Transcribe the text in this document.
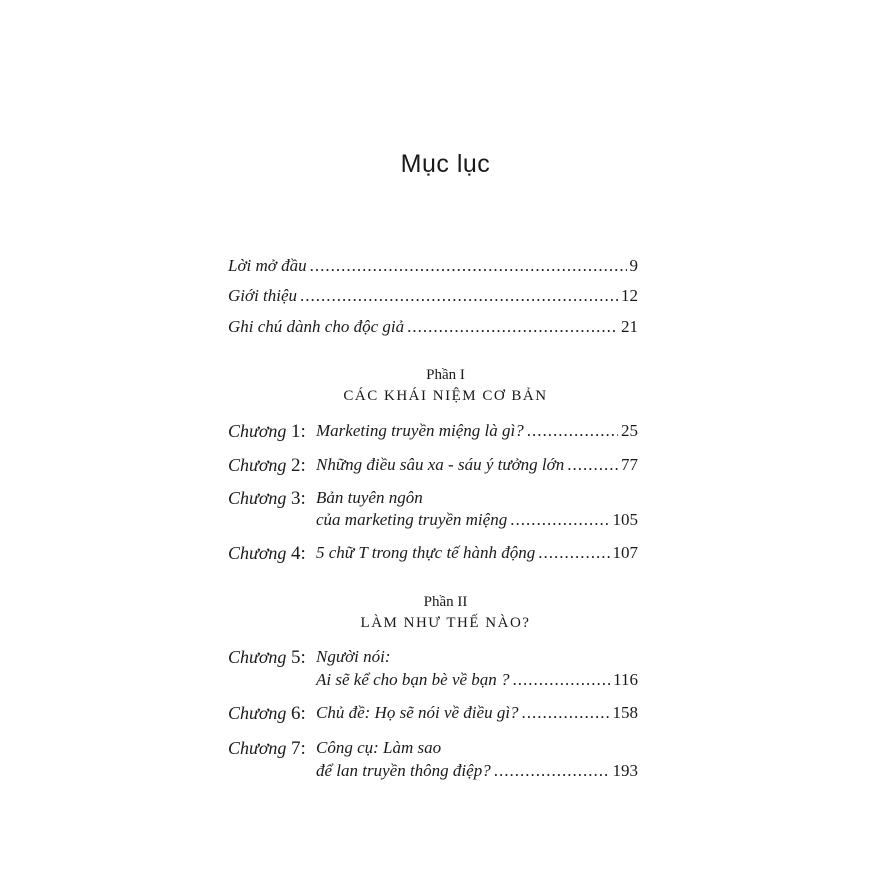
Mục lục
Lời mở đầu .....	9
Giới thiệu .....	12
Ghi chú dành cho độc giả .....	21
Phần I
CÁC KHÁI NIỆM CƠ BẢN
Chương 1: Marketing truyền miệng là gì? .....	25
Chương 2: Những điều sâu xa - sáu ý tưởng lớn .....	77
Chương 3: Bản tuyên ngôn
của marketing truyền miệng .....	105
Chương 4: 5 chữ T trong thực tế hành động .....	107
Phần II
LÀM NHƯ THẾ NÀO?
Chương 5: Người nói:
Ai sẽ kể cho bạn bè về bạn ? .....	116
Chương 6: Chủ đề: Họ sẽ nói về điều gì? .....	158
Chương 7: Công cụ: Làm sao
để lan truyền thông điệp? .....	193
